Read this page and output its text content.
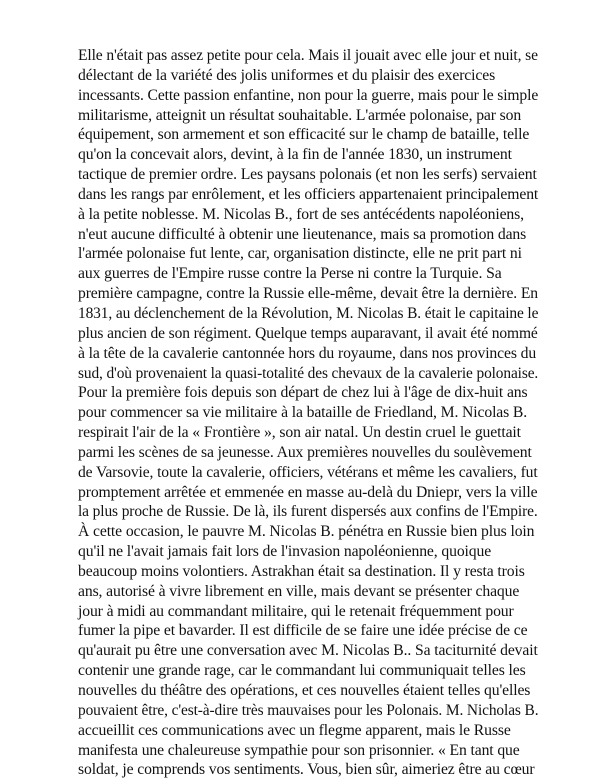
Elle n'était pas assez petite pour cela. Mais il jouait avec elle jour et nuit, se
délectant de la variété des jolis uniformes et du plaisir des exercices
incessants. Cette passion enfantine, non pour la guerre, mais pour le simple
militarisme, atteignit un résultat souhaitable. L'armée polonaise, par son
équipement, son armement et son efficacité sur le champ de bataille, telle
qu'on la concevait alors, devint, à la fin de l'année 1830, un instrument
tactique de premier ordre. Les paysans polonais (et non les serfs) servaient
dans les rangs par enrôlement, et les officiers appartenaient principalement
à la petite noblesse. M. Nicolas B., fort de ses antécédents napoléoniens,
n'eut aucune difficulté à obtenir une lieutenance, mais sa promotion dans
l'armée polonaise fut lente, car, organisation distincte, elle ne prit part ni
aux guerres de l'Empire russe contre la Perse ni contre la Turquie. Sa
première campagne, contre la Russie elle-même, devait être la dernière. En
1831, au déclenchement de la Révolution, M. Nicolas B. était le capitaine le
plus ancien de son régiment. Quelque temps auparavant, il avait été nommé
à la tête de la cavalerie cantonnée hors du royaume, dans nos provinces du
sud, d'où provenaient la quasi-totalité des chevaux de la cavalerie polonaise.
Pour la première fois depuis son départ de chez lui à l'âge de dix-huit ans
pour commencer sa vie militaire à la bataille de Friedland, M. Nicolas B.
respirait l'air de la « Frontière », son air natal. Un destin cruel le guettait
parmi les scènes de sa jeunesse. Aux premières nouvelles du soulèvement
de Varsovie, toute la cavalerie, officiers, vétérans et même les cavaliers, fut
promptement arrêtée et emmenée en masse au-delà du Dniepr, vers la ville
la plus proche de Russie. De là, ils furent dispersés aux confins de l'Empire.
À cette occasion, le pauvre M. Nicolas B. pénétra en Russie bien plus loin
qu'il ne l'avait jamais fait lors de l'invasion napoléonienne, quoique
beaucoup moins volontiers. Astrakhan était sa destination. Il y resta trois
ans, autorisé à vivre librement en ville, mais devant se présenter chaque
jour à midi au commandant militaire, qui le retenait fréquemment pour
fumer la pipe et bavarder. Il est difficile de se faire une idée précise de ce
qu'aurait pu être une conversation avec M. Nicolas B.. Sa taciturnité devait
contenir une grande rage, car le commandant lui communiquait telles les
nouvelles du théâtre des opérations, et ces nouvelles étaient telles qu'elles
pouvaient être, c'est-à-dire très mauvaises pour les Polonais. M. Nicholas B.
accueillit ces communications avec un flegme apparent, mais le Russe
manifesta une chaleureuse sympathie pour son prisonnier. « En tant que
soldat, je comprends vos sentiments. Vous, bien sûr, aimeriez être au cœur
